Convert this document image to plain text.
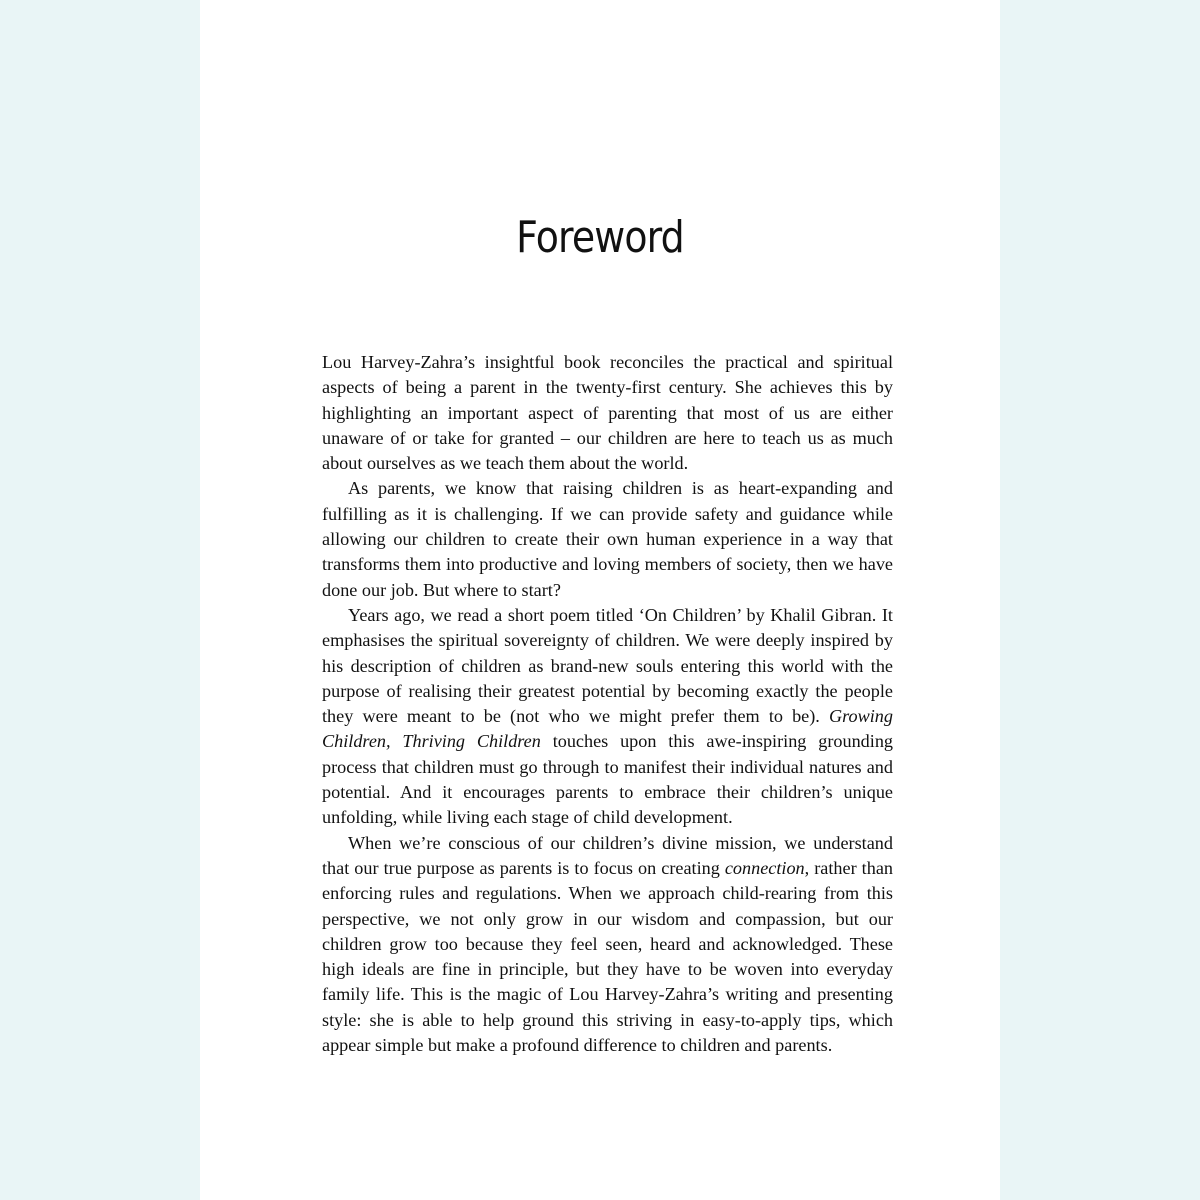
Foreword

Lou Harvey-Zahra’s insightful book reconciles the practical and spiritual aspects of being a parent in the twenty-first century. She achieves this by highlighting an important aspect of parenting that most of us are either unaware of or take for granted – our children are here to teach us as much about ourselves as we teach them about the world.

As parents, we know that raising children is as heart-expanding and fulfilling as it is challenging. If we can provide safety and guidance while allowing our children to create their own human experience in a way that transforms them into productive and loving members of society, then we have done our job. But where to start?

Years ago, we read a short poem titled ‘On Children’ by Khalil Gibran. It emphasises the spiritual sovereignty of children. We were deeply inspired by his description of children as brand-new souls entering this world with the purpose of realising their greatest potential by becoming exactly the people they were meant to be (not who we might prefer them to be). Growing Children, Thriving Children touches upon this awe-inspiring grounding process that children must go through to manifest their individual natures and potential. And it encourages parents to embrace their children’s unique unfolding, while living each stage of child development.

When we’re conscious of our children’s divine mission, we understand that our true purpose as parents is to focus on creating connection, rather than enforcing rules and regulations. When we approach child-rearing from this perspective, we not only grow in our wisdom and compassion, but our children grow too because they feel seen, heard and acknowledged. These high ideals are fine in principle, but they have to be woven into everyday family life. This is the magic of Lou Harvey-Zahra’s writing and presenting style: she is able to help ground this striving in easy-to-apply tips, which appear simple but make a profound difference to children and parents.
